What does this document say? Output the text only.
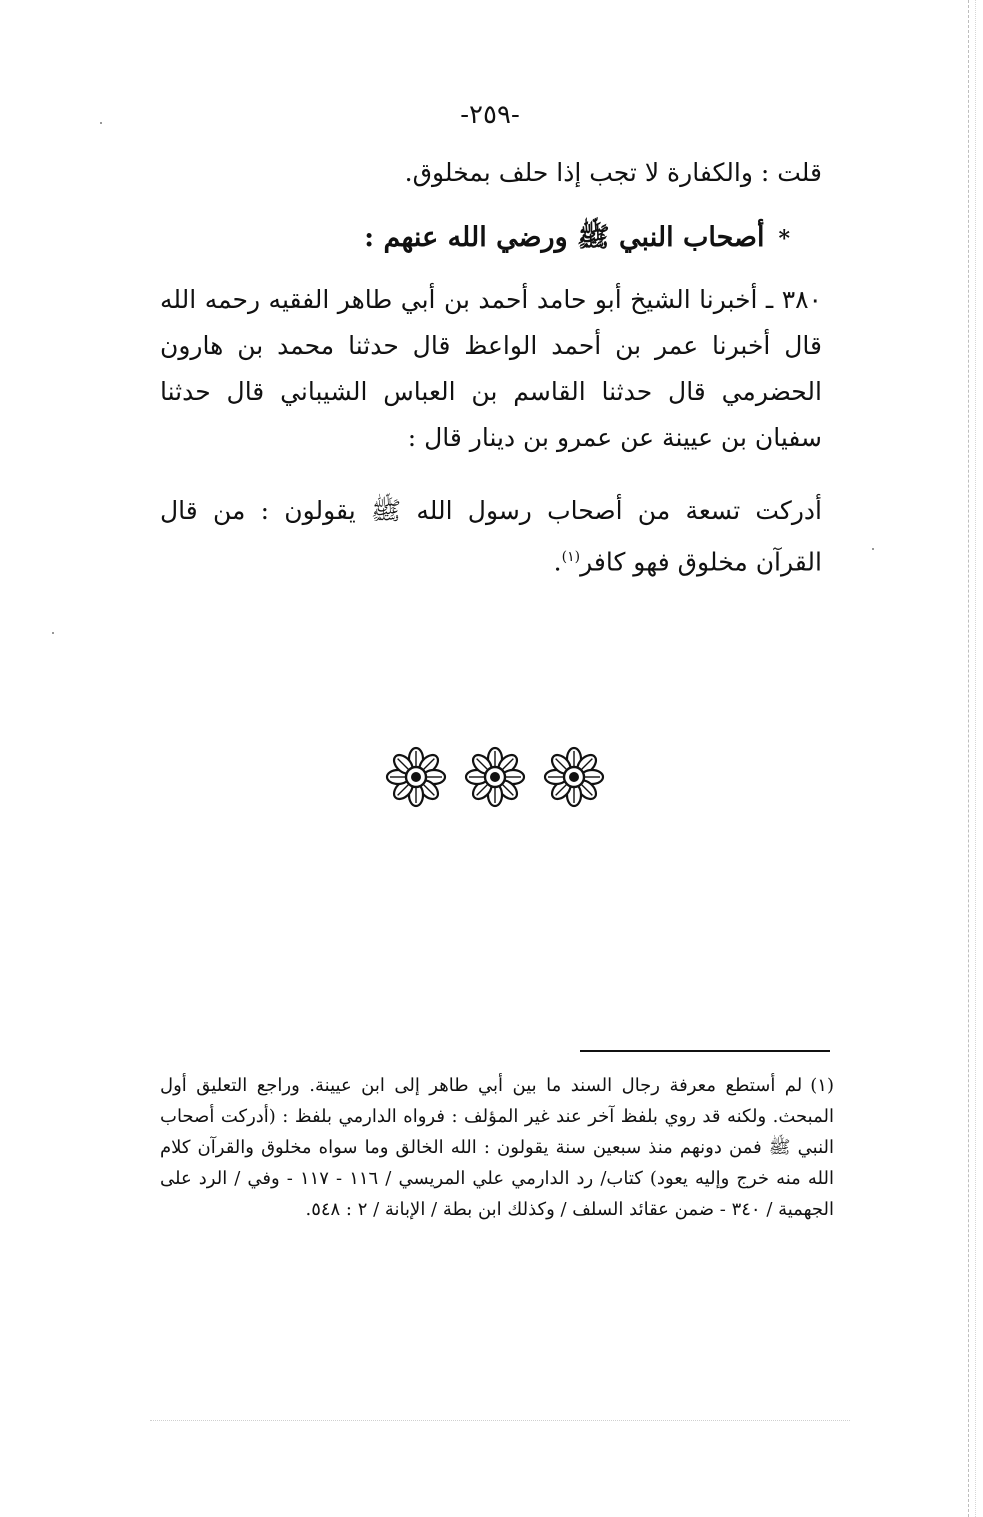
-٢٥٩-
قلت : والكفارة لا تجب إذا حلف بمخلوق.
*أصحاب النبي ﷺ ورضي الله عنهم :
٣٨٠ ـ أخبرنا الشيخ أبو حامد أحمد بن أبي طاهر الفقيه رحمه الله قال أخبرنا عمر بن أحمد الواعظ قال حدثنا محمد بن هارون الحضرمي قال حدثنا القاسم بن العباس الشيباني قال حدثنا سفيان بن عيينة عن عمرو بن دينار قال :
أدركت تسعة من أصحاب رسول الله ﷺ يقولون : من قال القرآن مخلوق فهو كافر$^{(١)}$.
(١)لم أستطع معرفة رجال السند ما بين أبي طاهر إلى ابن عيينة. وراجع التعليق أول المبحث. ولكنه قد روي بلفظ آخر عند غير المؤلف : فرواه الدارمي بلفظ : (أدركت أصحاب النبي ﷺ فمن دونهم منذ سبعين سنة يقولون : الله الخالق وما سواه مخلوق والقرآن كلام الله منه خرج وإليه يعود) كتاب/ رد الدارمي علي المريسي / ١١٦ - ١١٧ - وفي / الرد على الجهمية / ٣٤٠ - ضمن عقائد السلف / وكذلك ابن بطة / الإبانة / ٢ : ٥٤٨.
